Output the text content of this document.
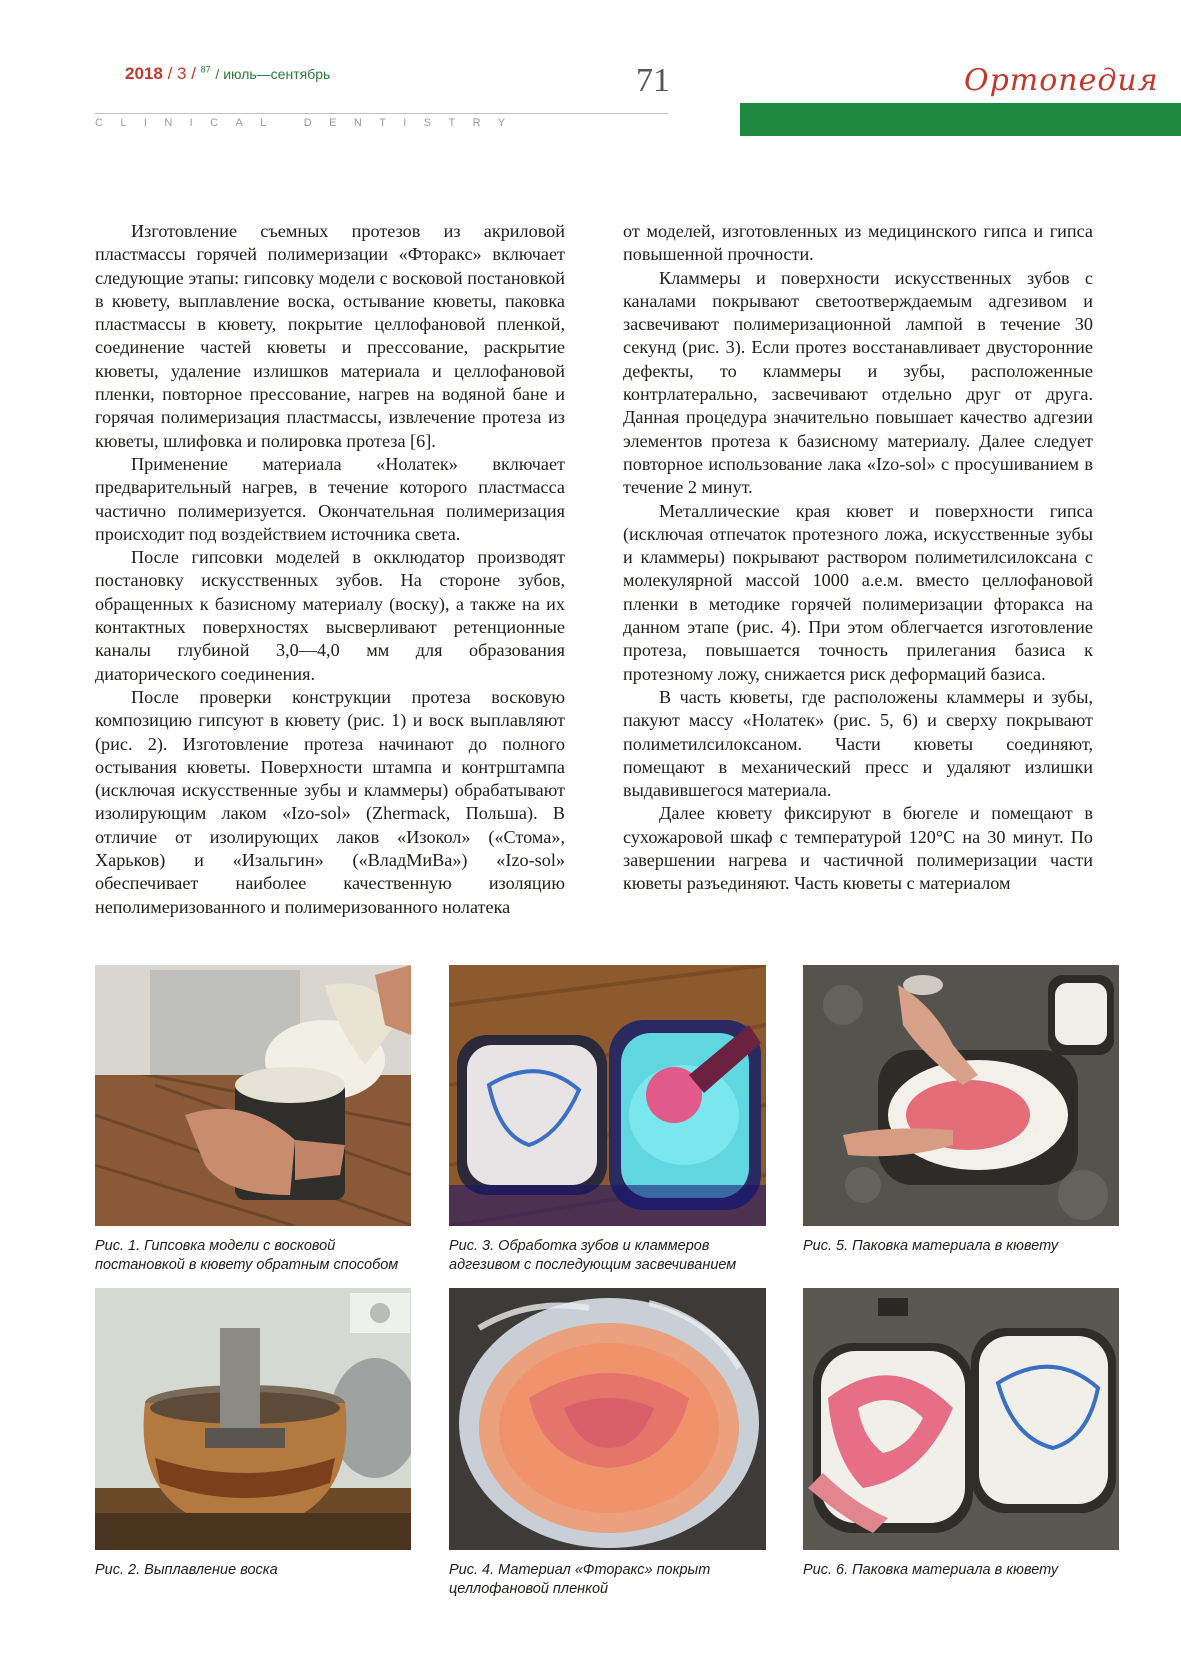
2018 / 3 / $^{87}$ / июль—сентябрь	71
CLINICAL DENTISTRY
Ортопедия

Изготовление съемных протезов из акриловой пластмассы горячей полимеризации «Фторакс» включает следующие этапы: гипсовку модели с восковой постановкой в кювету, выплавление воска, остывание кюветы, паковка пластмассы в кювету, покрытие целлофановой пленкой, соединение частей кюветы и прессование, раскрытие кюветы, удаление излишков материала и целлофановой пленки, повторное прессование, нагрев на водяной бане и горячая полимеризация пластмассы, извлечение протеза из кюветы, шлифовка и полировка протеза [6].

Применение материала «Нолатек» включает предварительный нагрев, в течение которого пластмасса частично полимеризуется. Окончательная полимеризация происходит под воздействием источника света.

После гипсовки моделей в окклюдатор производят постановку искусственных зубов. На стороне зубов, обращенных к базисному материалу (воску), а также на их контактных поверхностях высверливают ретенционные каналы глубиной 3,0—4,0 мм для образования диаторического соединения.

После проверки конструкции протеза восковую композицию гипсуют в кювету (рис. 1) и воск выплавляют (рис. 2). Изготовление протеза начинают до полного остывания кюветы. Поверхности штампа и контрштампа (исключая искусственные зубы и кламмеры) обрабатывают изолирующим лаком «Izo-sol» (Zhermack, Польша). В отличие от изолирующих лаков «Изокол» («Стома», Харьков) и «Изальгин» («ВладМиВа») «Izo-sol» обеспечивает наиболее качественную изоляцию неполимеризованного и полимеризованного нолатека

от моделей, изготовленных из медицинского гипса и гипса повышенной прочности.

Кламмеры и поверхности искусственных зубов с каналами покрывают светоотверждаемым адгезивом и засвечивают полимеризационной лампой в течение 30 секунд (рис. 3). Если протез восстанавливает двусторонние дефекты, то кламмеры и зубы, расположенные контрлатерально, засвечивают отдельно друг от друга. Данная процедура значительно повышает качество адгезии элементов протеза к базисному материалу. Далее следует повторное использование лака «Izo-sol» с просушиванием в течение 2 минут.

Металлические края кювет и поверхности гипса (исключая отпечаток протезного ложа, искусственные зубы и кламмеры) покрывают раствором полиметилсилоксана с молекулярной массой 1000 а.е.м. вместо целлофановой пленки в методике горячей полимеризации фторакса на данном этапе (рис. 4). При этом облегчается изготовление протеза, повышается точность прилегания базиса к протезному ложу, снижается риск деформаций базиса.

В часть кюветы, где расположены кламмеры и зубы, пакуют массу «Нолатек» (рис. 5, 6) и сверху покрывают полиметилсилоксаном. Части кюветы соединяют, помещают в механический пресс и удаляют излишки выдавившегося материала.

Далее кювету фиксируют в бюгеле и помещают в сухожаровой шкаф с температурой 120°С на 30 минут. По завершении нагрева и частичной полимеризации части кюветы разъединяют. Часть кюветы с материалом

Рис. 1. Гипсовка модели с восковой постановкой в кювету обратным способом
Рис. 3. Обработка зубов и кламмеров адгезивом с последующим засвечиванием
Рис. 5. Паковка материала в кювету
Рис. 2. Выплавление воска	Рис. 4. Материал «Фторакс» покрыт целлофановой пленкой
Рис. 6. Паковка материала в кювету
